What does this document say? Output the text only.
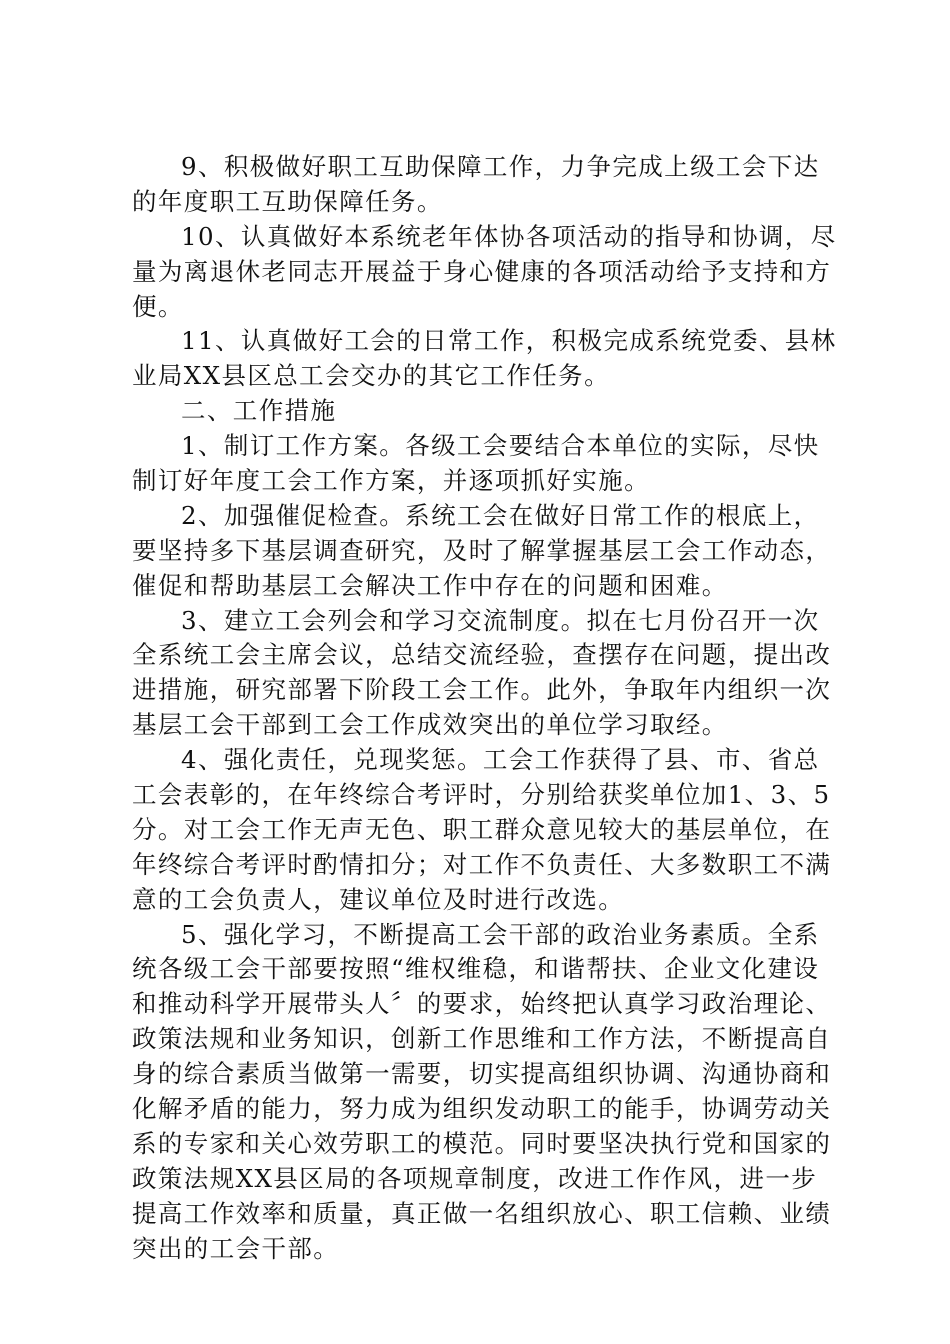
9、积极做好职工互助保障工作，力争完成上级工会下达
的年度职工互助保障任务。
10、认真做好本系统老年体协各项活动的指导和协调，尽
量为离退休老同志开展益于身心健康的各项活动给予支持和方
便。
11、认真做好工会的日常工作，积极完成系统党委、县林
业局XX县区总工会交办的其它工作任务。
二、工作措施
1、制订工作方案。各级工会要结合本单位的实际，尽快
制订好年度工会工作方案，并逐项抓好实施。
2、加强催促检查。系统工会在做好日常工作的根底上，
要坚持多下基层调查研究，及时了解掌握基层工会工作动态，
催促和帮助基层工会解决工作中存在的问题和困难。
3、建立工会列会和学习交流制度。拟在七月份召开一次
全系统工会主席会议，总结交流经验，查摆存在问题，提出改
进措施，研究部署下阶段工会工作。此外，争取年内组织一次
基层工会干部到工会工作成效突出的单位学习取经。
4、强化责任，兑现奖惩。工会工作获得了县、市、省总
工会表彰的，在年终综合考评时，分别给获奖单位加1、3、5
分。对工会工作无声无色、职工群众意见较大的基层单位，在
年终综合考评时酌情扣分；对工作不负责任、大多数职工不满
意的工会负责人，建议单位及时进行改选。
5、强化学习，不断提高工会干部的政治业务素质。全系
统各级工会干部要按照“维权维稳，和谐帮扶、企业文化建设
和推动科学开展带头人〞的要求，始终把认真学习政治理论、
政策法规和业务知识，创新工作思维和工作方法，不断提高自
身的综合素质当做第一需要，切实提高组织协调、沟通协商和
化解矛盾的能力，努力成为组织发动职工的能手，协调劳动关
系的专家和关心效劳职工的模范。同时要坚决执行党和国家的
政策法规XX县区局的各项规章制度，改进工作作风，进一步
提高工作效率和质量，真正做一名组织放心、职工信赖、业绩
突出的工会干部。
